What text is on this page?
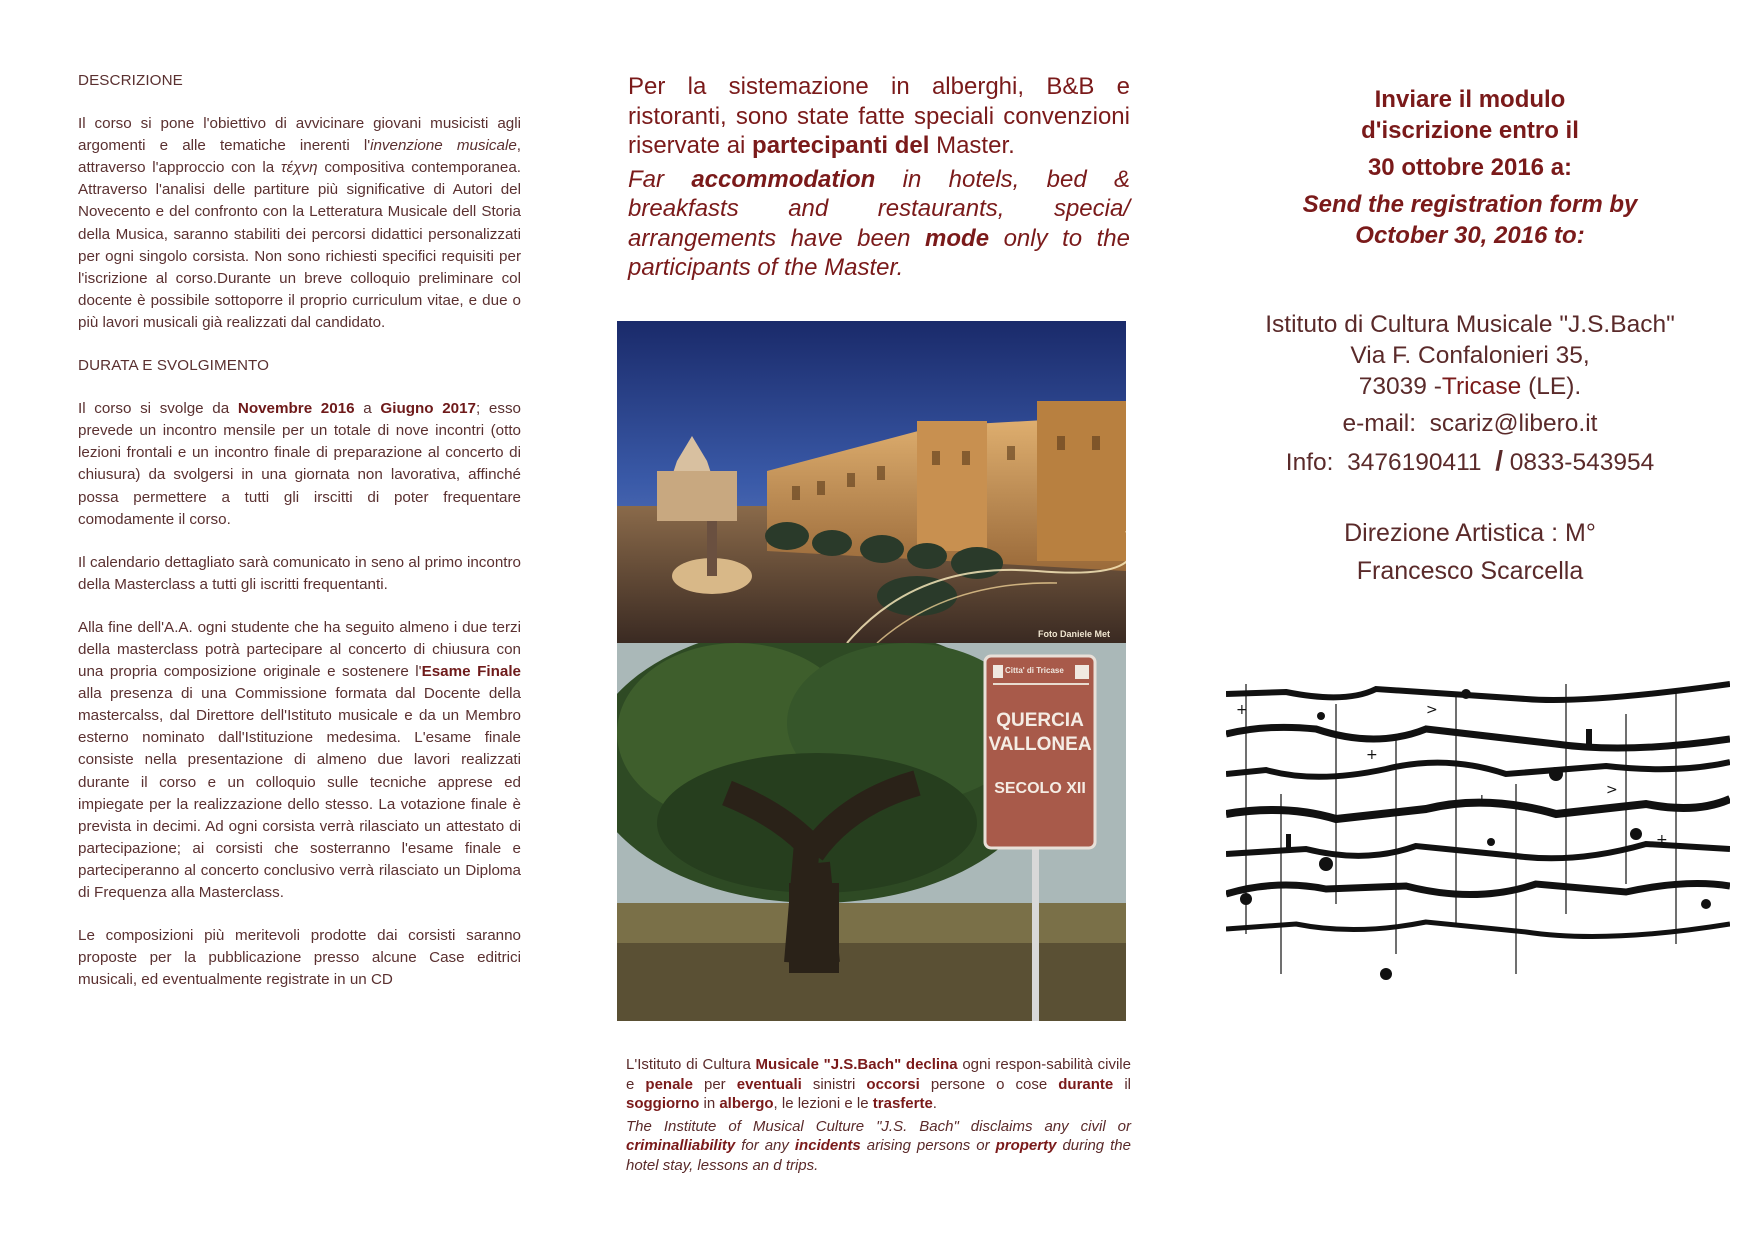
DESCRIZIONE

Il corso si pone l'obiettivo di avvicinare giovani musicisti agli argomenti e alle tematiche inerenti l'invenzione musicale, attraverso l'approccio con la τέχνη compositiva contemporanea. Attraverso l'analisi delle partiture più significative di Autori del Novecento e del confronto con la Letteratura Musicale dell Storia della Musica, saranno stabiliti dei percorsi didattici personalizzati per ogni singolo corsista. Non sono richiesti specifici requisiti per l'iscrizione al corso.Durante un breve colloquio preliminare col docente è possibile sottoporre il proprio curriculum vitae, e due o più lavori musicali già realizzati dal candidato.

DURATA E SVOLGIMENTO

Il corso si svolge da Novembre 2016 a Giugno 2017; esso prevede un incontro mensile per un totale di nove incontri (otto lezioni frontali e un incontro finale di preparazione al concerto di chiusura) da svolgersi in una giornata non lavorativa, affinché possa permettere a tutti gli irscitti di poter frequentare comodamente il corso.

Il calendario dettagliato sarà comunicato in seno al primo incontro della Masterclass a tutti gli iscritti frequentanti.

Alla fine dell'A.A. ogni studente che ha seguito almeno i due terzi della masterclass potrà partecipare al concerto di chiusura con una propria composizione originale e sostenere l'Esame Finale alla presenza di una Commissione formata dal Docente della mastercalss, dal Direttore dell'Istituto musicale e da un Membro esterno nominato dall'Istituzione medesima. L'esame finale consiste nella presentazione di almeno due lavori realizzati durante il corso e un colloquio sulle tecniche apprese ed impiegate per la realizzazione dello stesso. La votazione finale è prevista in decimi. Ad ogni corsista verrà rilasciato un attestato di partecipazione; ai corsisti che sosterranno l'esame finale e parteciperanno al concerto conclusivo verrà rilasciato un Diploma di Frequenza alla Masterclass.

Le composizioni più meritevoli prodotte dai corsisti saranno proposte per la pubblicazione presso alcune Case editrici musicali, ed eventualmente registrate in un CD

Per la sistemazione in alberghi, B&B e ristoranti, sono state fatte speciali convenzioni riservate ai partecipanti del Master.
Far accommodation in hotels, bed & breakfasts and restaurants, specia/ arrangements have been mode only to the participants of the Master.
Foto Daniele Met
Citta' di Tricase
QUERCIA
VALLONEA
SECOLO XII
L'Istituto di Cultura Musicale "J.S.Bach" declina ogni respon-sabilità civile e penale per eventuali sinistri occorsi persone o cose durante il soggiorno in albergo, le lezioni e le trasferte.
The Institute of Musical Culture "J.S. Bach" disclaims any civil or criminalliability for any incidents arising persons or property during the hotel stay, lessons an d trips.
Inviare il modulo
d'iscrizione entro il
30 ottobre 2016 a:
Send the registration form by
October 30, 2016 to:
Istituto di Cultura Musicale "J.S.Bach"
Via F. Confalonieri 35,
73039 -Tricase (LE).
e-mail: scariz@libero.it
Info: 3476190411 / 0833-543954
Direzione Artistica : M°
Francesco Scarcella
+
+
+
+
>
>
